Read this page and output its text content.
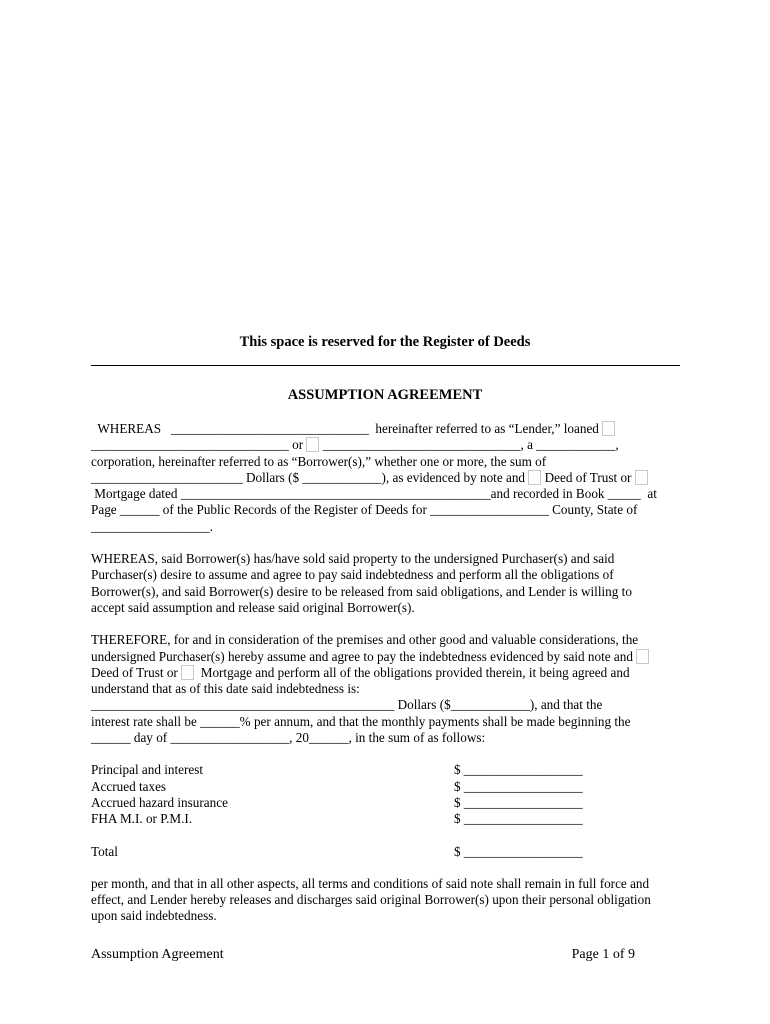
This space is reserved for the Register of Deeds
ASSUMPTION AGREEMENT
WHEREAS   ______________________________  hereinafter referred to as “Lender,” loaned
______________________________ or  ______________________________, a ____________,
corporation, hereinafter referred to as “Borrower(s),” whether one or more, the sum of
_______________________ Dollars ($ ____________), as evidenced by note and  Deed of Trust or
Mortgage dated _______________________________________________and recorded in Book _____  at
Page ______ of the Public Records of the Register of Deeds for __________________ County, State of
__________________.
WHEREAS, said Borrower(s) has/have sold said property to the undersigned Purchaser(s) and said
Purchaser(s) desire to assume and agree to pay said indebtedness and perform all the obligations of
Borrower(s), and said Borrower(s) desire to be released from said obligations, and Lender is willing to
accept said assumption and release said original Borrower(s).
THEREFORE, for and in consideration of the premises and other good and valuable considerations, the
undersigned Purchaser(s) hereby assume and agree to pay the indebtedness evidenced by said note and
Deed of Trust or   Mortgage and perform all of the obligations provided therein, it being agreed and
understand that as of this date said indebtedness is:
______________________________________________ Dollars ($____________), and that the
interest rate shall be ______% per annum, and that the monthly payments shall be made beginning the
______ day of __________________, 20______, in the sum of as follows:
Principal and interest	$ __________________
Accrued taxes	$ __________________
Accrued hazard insurance	$ __________________
FHA M.I. or P.M.I.	$ __________________
Total	$ __________________
per month, and that in all other aspects, all terms and conditions of said note shall remain in full force and
effect, and Lender hereby releases and discharges said original Borrower(s) upon their personal obligation
upon said indebtedness.
Assumption Agreement	Page 1 of 9
